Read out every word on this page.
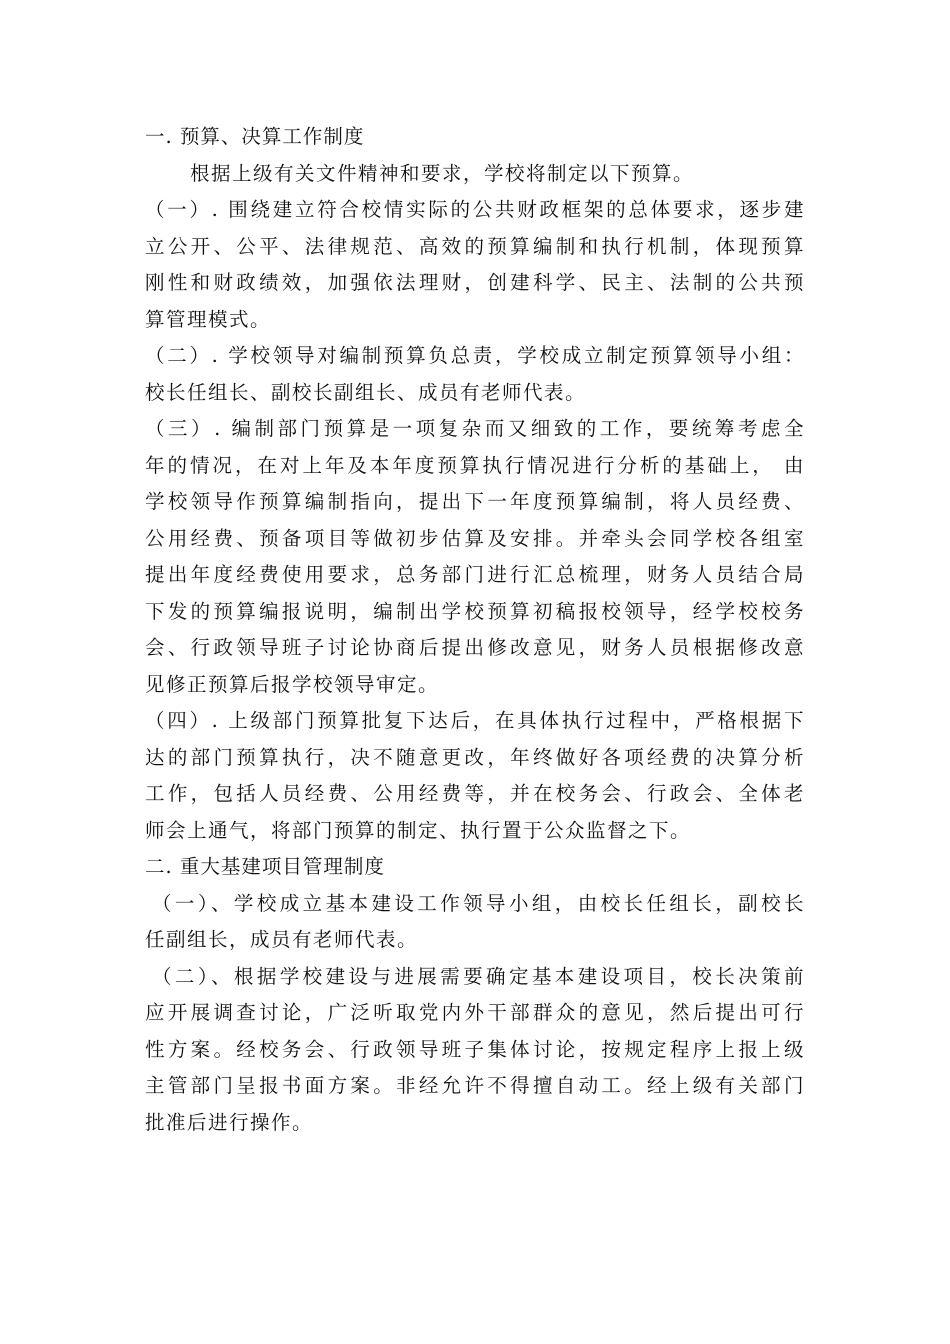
一. 预算、决算工作制度
根据上级有关文件精神和要求，学校将制定以下预算。
（一）. 围绕建立符合校情实际的公共财政框架的总体要求，逐步建
立公开、公平、法律规范、高效的预算编制和执行机制，体现预算
刚性和财政绩效，加强依法理财，创建科学、民主、法制的公共预
算管理模式。
（二）. 学校领导对编制预算负总责，学校成立制定预算领导小组：
校长任组长、副校长副组长、成员有老师代表。
（三）. 编制部门预算是一项复杂而又细致的工作，要统筹考虑全
年的情况，在对上年及本年度预算执行情况进行分析的基础上， 由
学校领导作预算编制指向，提出下一年度预算编制，将人员经费、
公用经费、预备项目等做初步估算及安排。并牵头会同学校各组室
提出年度经费使用要求，总务部门进行汇总梳理，财务人员结合局
下发的预算编报说明，编制出学校预算初稿报校领导，经学校校务
会、行政领导班子讨论协商后提出修改意见，财务人员根据修改意
见修正预算后报学校领导审定。
（四）. 上级部门预算批复下达后，在具体执行过程中，严格根据下
达的部门预算执行，决不随意更改，年终做好各项经费的决算分析
工作，包括人员经费、公用经费等，并在校务会、行政会、全体老
师会上通气，将部门预算的制定、执行置于公众监督之下。
二. 重大基建项目管理制度
（一）、学校成立基本建设工作领导小组，由校长任组长，副校长
任副组长，成员有老师代表。
（二）、根据学校建设与进展需要确定基本建设项目，校长决策前
应开展调查讨论，广泛听取党内外干部群众的意见，然后提出可行
性方案。经校务会、行政领导班子集体讨论，按规定程序上报上级
主管部门呈报书面方案。非经允许不得擅自动工。经上级有关部门
批准后进行操作。
